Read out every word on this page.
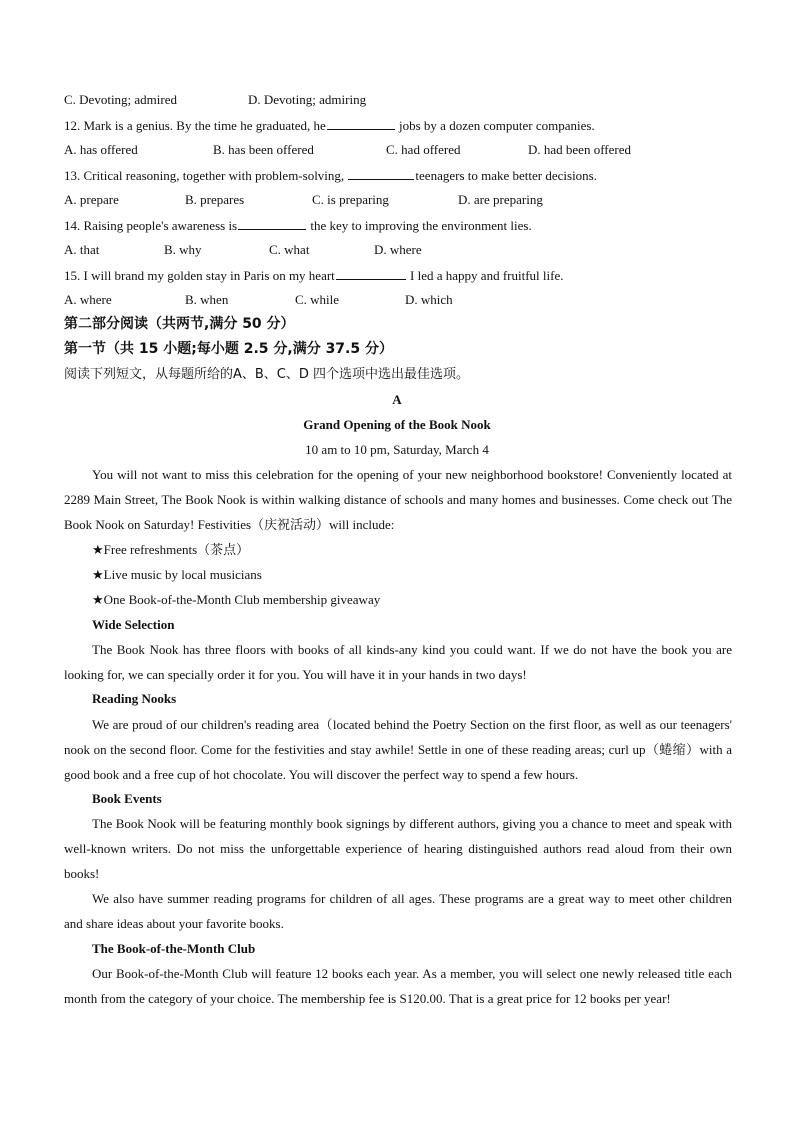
C. Devoting; admired	D. Devoting; admiring
12. Mark is a genius. By the time he graduated, he	jobs by a dozen computer companies.
A. has offered	B. has been offered	C. had offered	D. had been offered
13. Critical reasoning, together with problem-solving,	teenagers to make better decisions.
A. prepare	B. prepares	C. is preparing	D. are preparing
14. Raising people's awareness is	the key to improving the environment lies.
A. that	B. why	C. what	D. where
15. I will brand my golden stay in Paris on my heart	I led a happy and fruitful life.
A. where	B. when	C. while	D. which
第二部分阅读（共两节,满分 50 分）
第一节（共 15 小题;每小题 2.5 分,满分 37.5 分）
阅读下列短文，从每题所给的A、B、C、D 四个选项中选出最佳选项。
A
Grand Opening of the Book Nook
10 am to 10 pm, Saturday, March 4
You will not want to miss this celebration for the opening of your new neighborhood bookstore! Conveniently located at 2289 Main Street, The Book Nook is within walking distance of schools and many homes and businesses. Come check out The Book Nook on Saturday! Festivities（庆祝活动）will include:
★Free refreshments（茶点）
★Live music by local musicians
★One Book-of-the-Month Club membership giveaway
Wide Selection
The Book Nook has three floors with books of all kinds-any kind you could want. If we do not have the book you are looking for, we can specially order it for you. You will have it in your hands in two days!
Reading Nooks
We are proud of our children's reading area（located behind the Poetry Section on the first floor, as well as our teenagers' nook on the second floor. Come for the festivities and stay awhile! Settle in one of these reading areas; curl up（蜷缩）with a good book and a free cup of hot chocolate. You will discover the perfect way to spend a few hours.
Book Events
The Book Nook will be featuring monthly book signings by different authors, giving you a chance to meet and speak with well-known writers. Do not miss the unforgettable experience of hearing distinguished authors read aloud from their own books!
We also have summer reading programs for children of all ages. These programs are a great way to meet other children and share ideas about your favorite books.
The Book-of-the-Month Club
Our Book-of-the-Month Club will feature 12 books each year. As a member, you will select one newly released title each month from the category of your choice. The membership fee is S120.00. That is a great price for 12 books per year!
